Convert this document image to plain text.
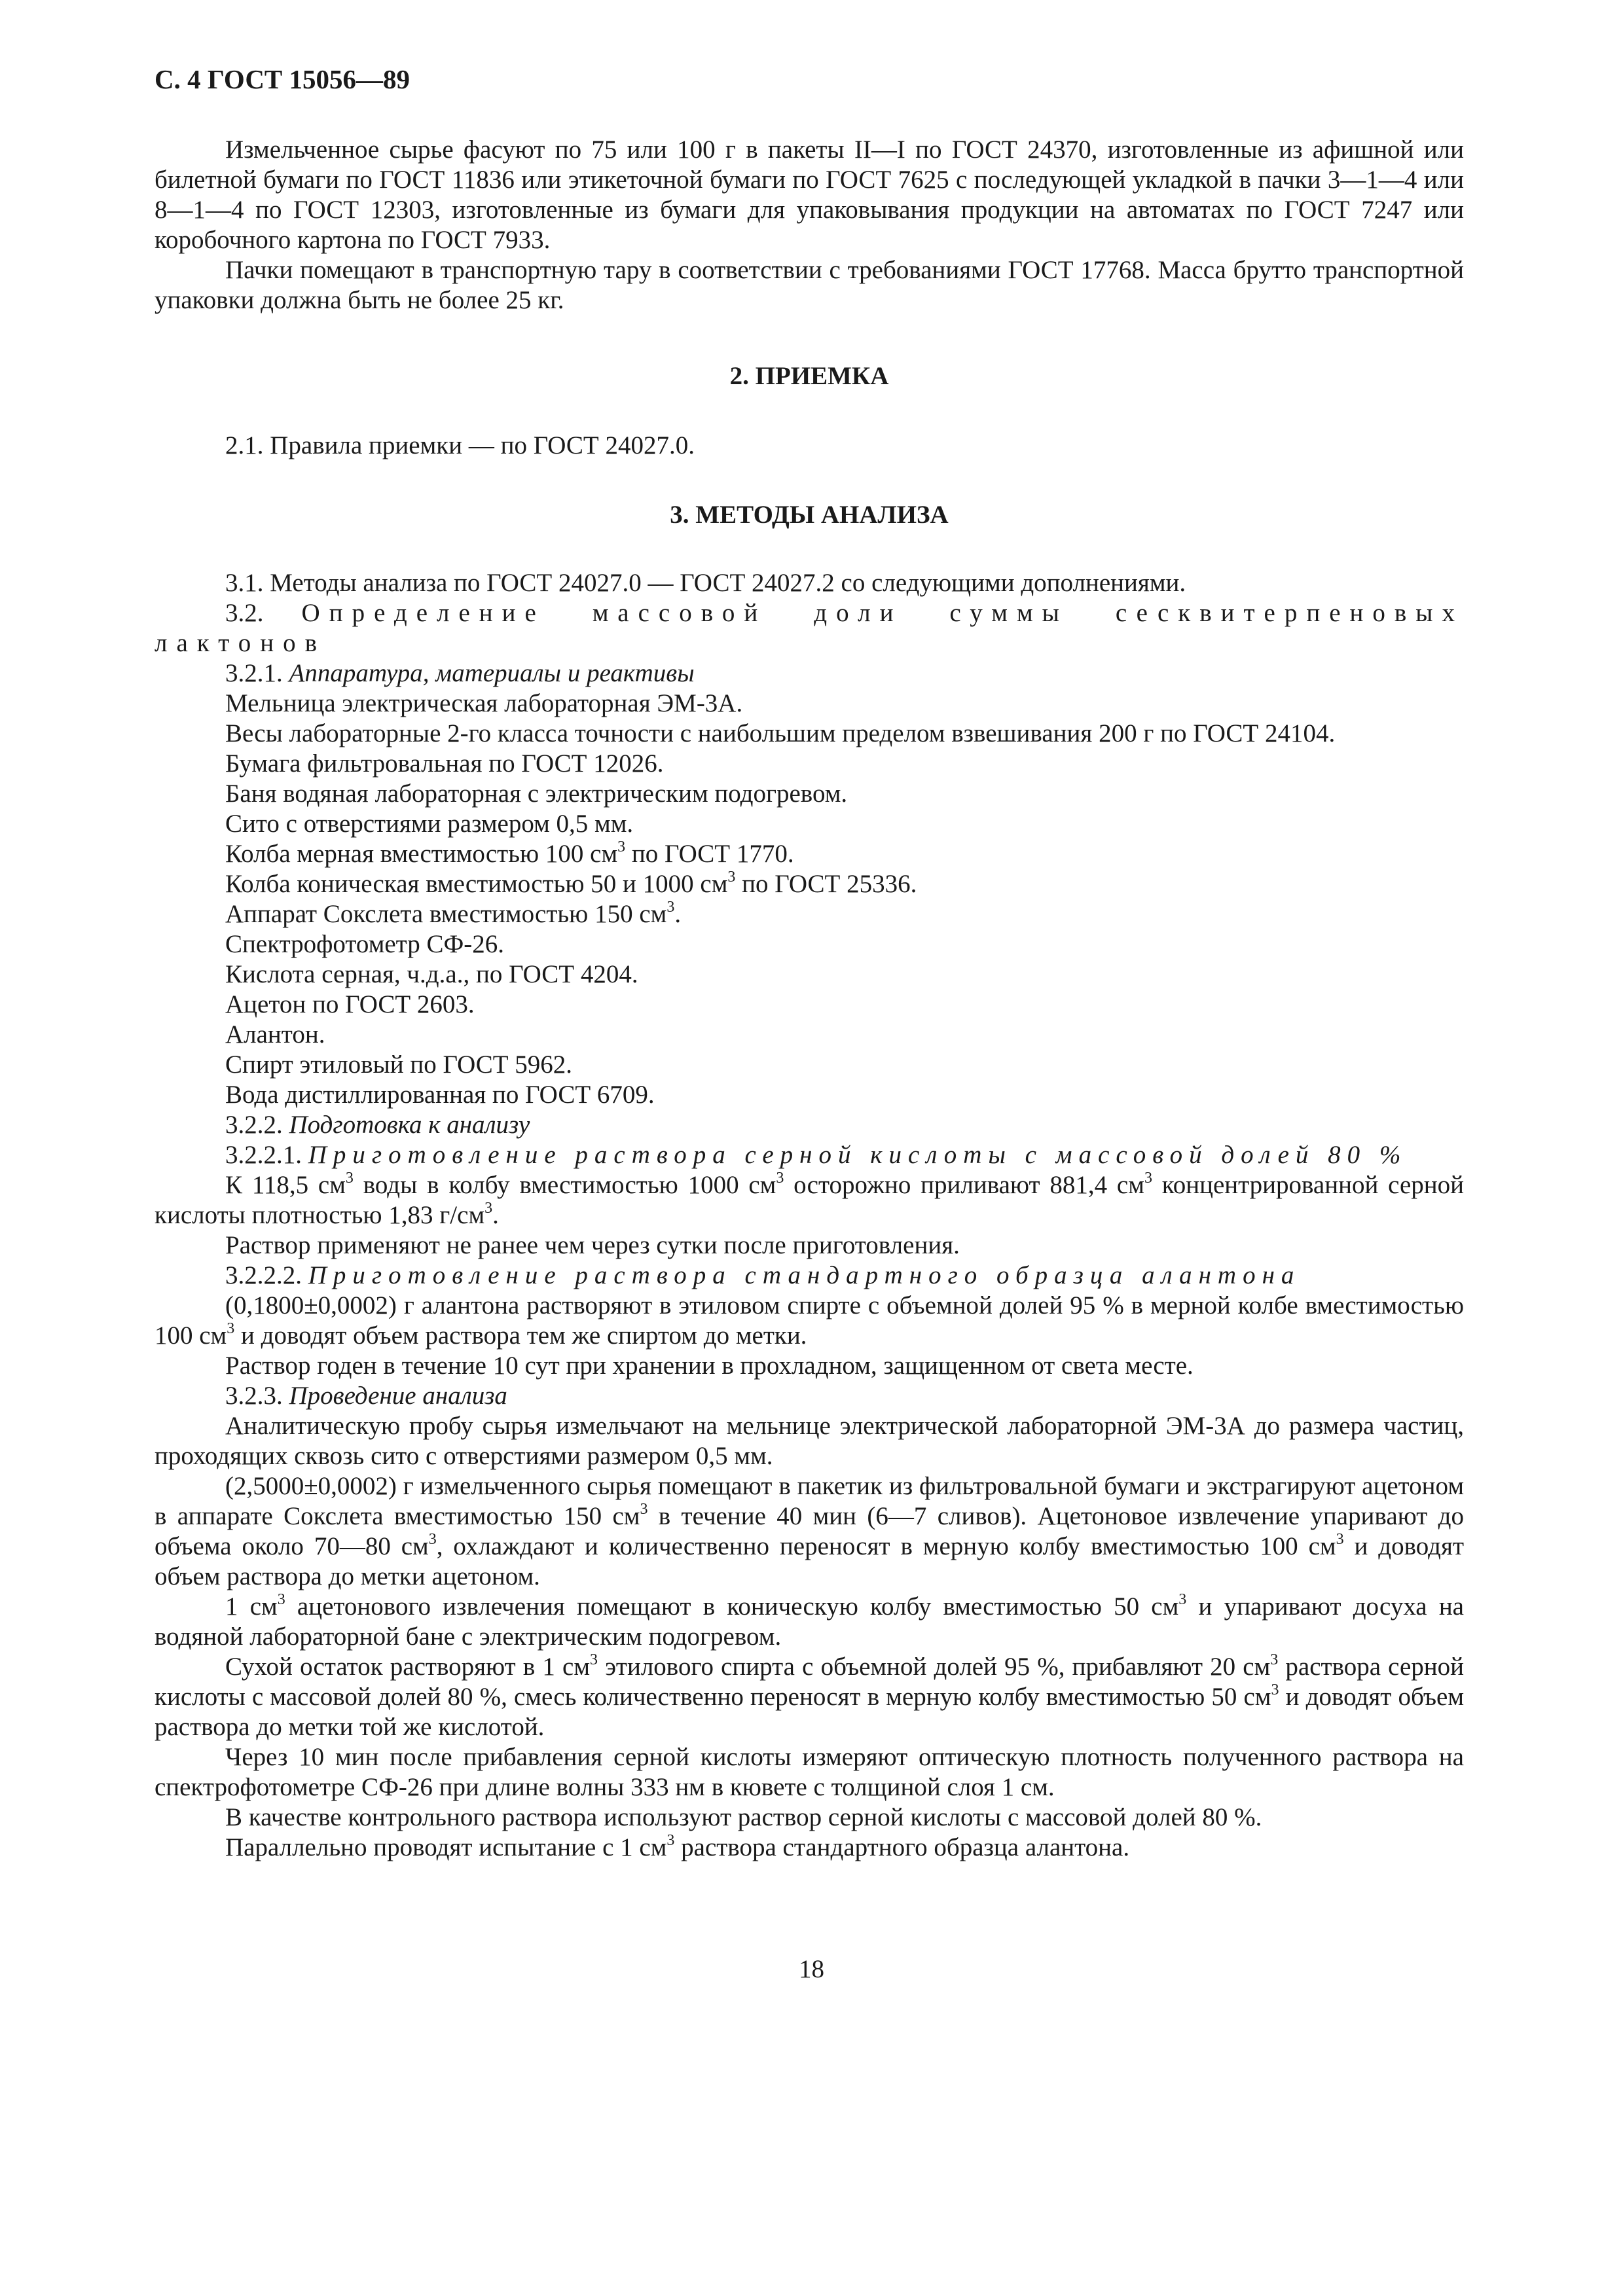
С. 4 ГОСТ 15056—89

Измельченное сырье фасуют по 75 или 100 г в пакеты II—I по ГОСТ 24370, изготовленные из афишной или билетной бумаги по ГОСТ 11836 или этикеточной бумаги по ГОСТ 7625 с последующей укладкой в пачки 3—1—4 или 8—1—4 по ГОСТ 12303, изготовленные из бумаги для упаковывания продукции на автоматах по ГОСТ 7247 или коробочного картона по ГОСТ 7933.

Пачки помещают в транспортную тару в соответствии с требованиями ГОСТ 17768. Масса брутто транспортной упаковки должна быть не более 25 кг.

2. ПРИЕМКА

2.1. Правила приемки — по ГОСТ 24027.0.

3. МЕТОДЫ АНАЛИЗА

3.1. Методы анализа по ГОСТ 24027.0 — ГОСТ 24027.2 со следующими дополнениями.

3.2. Определение массовой доли суммы сесквитерпеновых лактонов

3.2.1. Аппаратура, материалы и реактивы

Мельница электрическая лабораторная ЭМ-3А.

Весы лабораторные 2-го класса точности с наибольшим пределом взвешивания 200 г по ГОСТ 24104.

Бумага фильтровальная по ГОСТ 12026.

Баня водяная лабораторная с электрическим подогревом.

Сито с отверстиями размером 0,5 мм.

Колба мерная вместимостью 100 $см^3$ по ГОСТ 1770.

Колба коническая вместимостью 50 и 1000 $см^3$ по ГОСТ 25336.

Аппарат Сокслета вместимостью 150 $см^3$.

Спектрофотометр СФ-26.

Кислота серная, ч.д.а., по ГОСТ 4204.

Ацетон по ГОСТ 2603.

Алантон.

Спирт этиловый по ГОСТ 5962.

Вода дистиллированная по ГОСТ 6709.

3.2.2. Подготовка к анализу

3.2.2.1. Приготовление раствора серной кислоты с массовой долей 80 %

К 118,5 $см^3$ воды в колбу вместимостью 1000 $см^3$ осторожно приливают 881,4 $см^3$ концентрированной серной кислоты плотностью 1,83 $г/см^3$.

Раствор применяют не ранее чем через сутки после приготовления.

3.2.2.2. Приготовление раствора стандартного образца алантона

(0,1800±0,0002) г алантона растворяют в этиловом спирте с объемной долей 95 % в мерной колбе вместимостью 100 $см^3$ и доводят объем раствора тем же спиртом до метки.

Раствор годен в течение 10 сут при хранении в прохладном, защищенном от света месте.

3.2.3. Проведение анализа

Аналитическую пробу сырья измельчают на мельнице электрической лабораторной ЭМ-3А до размера частиц, проходящих сквозь сито с отверстиями размером 0,5 мм.

(2,5000±0,0002) г измельченного сырья помещают в пакетик из фильтровальной бумаги и экстрагируют ацетоном в аппарате Сокслета вместимостью 150 $см^3$ в течение 40 мин (6—7 сливов). Ацетоновое извлечение упаривают до объема около 70—80 $см^3$, охлаждают и количественно переносят в мерную колбу вместимостью 100 $см^3$ и доводят объем раствора до метки ацетоном.

1 $см^3$ ацетонового извлечения помещают в коническую колбу вместимостью 50 $см^3$ и упаривают досуха на водяной лабораторной бане с электрическим подогревом.

Сухой остаток растворяют в 1 $см^3$ этилового спирта с объемной долей 95 %, прибавляют 20 $см^3$ раствора серной кислоты с массовой долей 80 %, смесь количественно переносят в мерную колбу вместимостью 50 $см^3$ и доводят объем раствора до метки той же кислотой.

Через 10 мин после прибавления серной кислоты измеряют оптическую плотность полученного раствора на спектрофотометре СФ-26 при длине волны 333 нм в кювете с толщиной слоя 1 см.

В качестве контрольного раствора используют раствор серной кислоты с массовой долей 80 %.

Параллельно проводят испытание с 1 $см^3$ раствора стандартного образца алантона.

18
